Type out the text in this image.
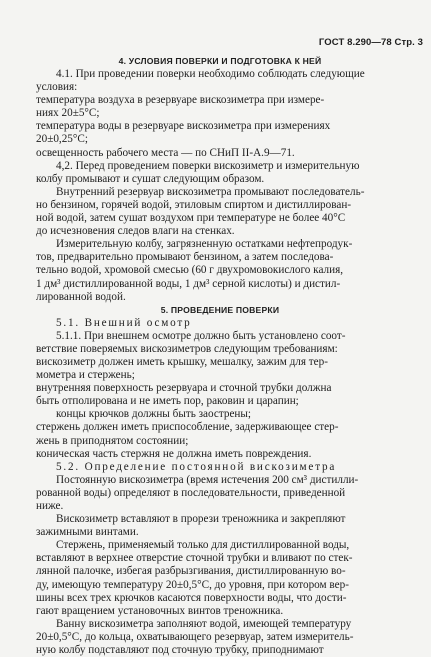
ГОСТ 8.290—78 Стр. 3
4. УСЛОВИЯ ПОВЕРКИ И ПОДГОТОВКА К НЕЙ
4.1. При проведении поверки необходимо соблюдать следующие
условия:
температура воздуха в резервуаре вискозиметра при измере-
ниях 20±5°С;
температура воды в резервуаре вискозиметра при измерениях
20±0,25°С;
освещенность рабочего места — по СНиП II-А.9—71.
4,2. Перед проведением поверки вискозиметр и измерительную
колбу промывают и сушат следующим образом.
Внутренний резервуар вискозиметра промывают последователь-
но бензином, горячей водой, этиловым спиртом и дистиллирован-
ной водой, затем сушат воздухом при температуре не более 40°С
до исчезновения следов влаги на стенках.
Измерительную колбу, загрязненную остатками нефтепродук-
тов, предварительно промывают бензином, а затем последова-
тельно водой, хромовой смесью (60 г двухромовокислого калия,
1 дм³ дистиллированной воды, 1 дм³ серной кислоты) и дистил-
лированной водой.
5. ПРОВЕДЕНИЕ ПОВЕРКИ
5.1. Внешний осмотр
5.1.1. При внешнем осмотре должно быть установлено соот-
ветствие поверяемых вискозиметров следующим требованиям:
вискозиметр должен иметь крышку, мешалку, зажим для тер-
мометра и стержень;
внутренняя поверхность резервуара и сточной трубки должна
быть отполирована и не иметь пор, раковин и царапин;
концы крючков должны быть заострены;
стержень должен иметь приспособление, задерживающее стер-
жень в приподнятом состоянии;
коническая часть стержня не должна иметь повреждения.
5.2. Определение постоянной вискозиметра
Постоянную вискозиметра (время истечения 200 см³ дистилли-
рованной воды) определяют в последовательности, приведенной
ниже.
Вискозиметр вставляют в прорези треножника и закрепляют
зажимными винтами.
Стержень, применяемый только для дистиллированной воды,
вставляют в верхнее отверстие сточной трубки и вливают по стек-
лянной палочке, избегая разбрызгивания, дистиллированную во-
ду, имеющую температуру 20±0,5°С, до уровня, при котором вер-
шины всех трех крючков касаются поверхности воды, что дости-
гают вращением установочных винтов треножника.
Ванну вискозиметра заполняют водой, имеющей температуру
20±0,5°С, до кольца, охватывающего резервуар, затем измеритель-
ную колбу подставляют под сточную трубку, приподнимают
